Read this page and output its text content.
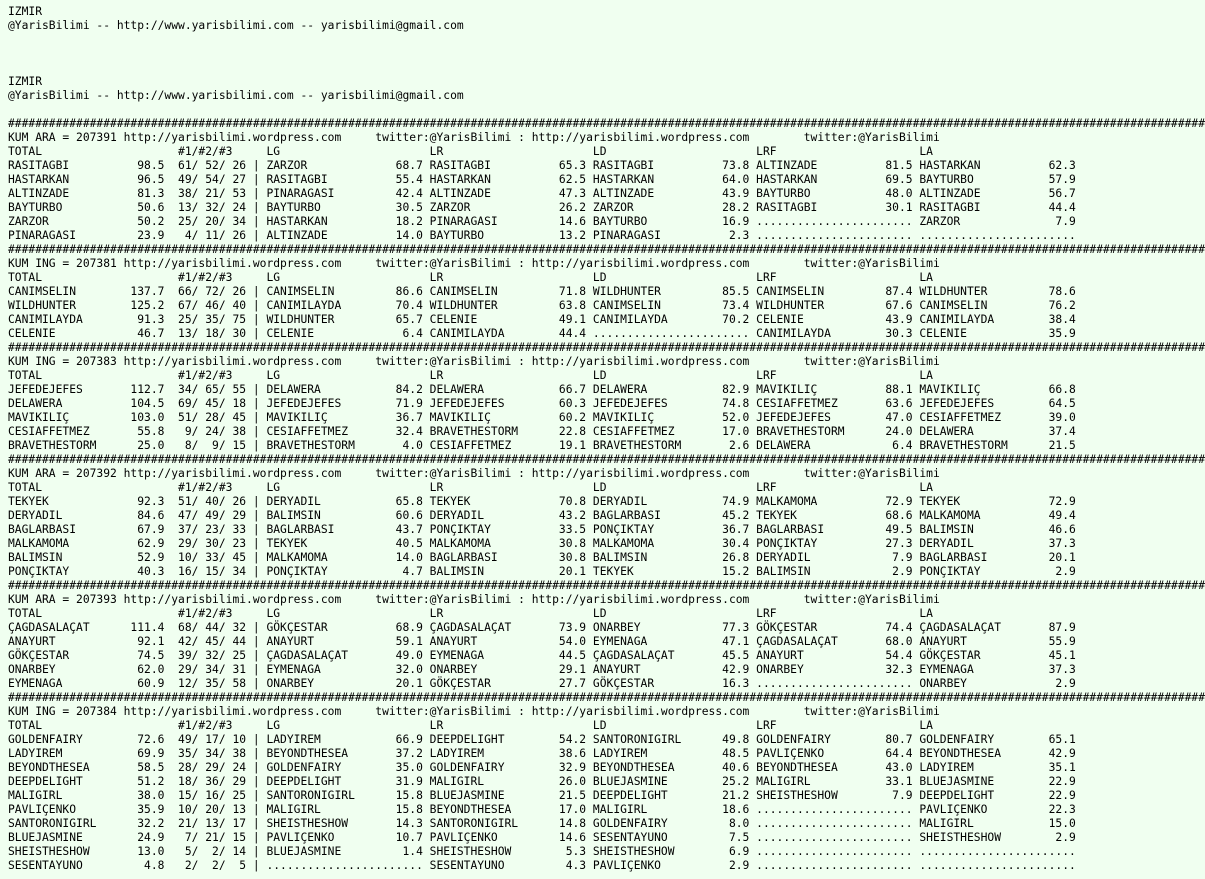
IZMIR
@YarisBilimi -- http://www.yarisbilimi.com -- yarisbilimi@gmail.com
IZMIR
@YarisBilimi -- http://www.yarisbilimi.com -- yarisbilimi@gmail.com
################################################################################################################################################################################
KUM ARA = 207391 http://yarisbilimi.wordpress.com     twitter:@YarisBilimi : http://yarisbilimi.wordpress.com        twitter:@YarisBilimi
TOTAL                    #1/#2/#3     LG                      LR                      LD                      LRF                     LA
RASITAGBI          98.5  61/ 52/ 26 | ZARZOR             68.7 RASITAGBI          65.3 RASITAGBI          73.8 ALTINZADE          81.5 HASTARKAN          62.3
HASTARKAN          96.5  49/ 54/ 27 | RASITAGBI          55.4 HASTARKAN          62.5 HASTARKAN          64.0 HASTARKAN          69.5 BAYTURBO           57.9
ALTINZADE          81.3  38/ 21/ 53 | PINARAGASI         42.4 ALTINZADE          47.3 ALTINZADE          43.9 BAYTURBO           48.0 ALTINZADE          56.7
BAYTURBO           50.6  13/ 32/ 24 | BAYTURBO           30.5 ZARZOR             26.2 ZARZOR             28.2 RASITAGBI          30.1 RASITAGBI          44.4
ZARZOR             50.2  25/ 20/ 34 | HASTARKAN          18.2 PINARAGASI         14.6 BAYTURBO           16.9 ....................... ZARZOR              7.9
PINARAGASI         23.9   4/ 11/ 26 | ALTINZADE          14.0 BAYTURBO           13.2 PINARAGASI          2.3 ....................... .......................
################################################################################################################################################################################
KUM ING = 207381 http://yarisbilimi.wordpress.com     twitter:@YarisBilimi : http://yarisbilimi.wordpress.com        twitter:@YarisBilimi
TOTAL                    #1/#2/#3     LG                      LR                      LD                      LRF                     LA
CANIMSELIN        137.7  66/ 72/ 26 | CANIMSELIN         86.6 CANIMSELIN         71.8 WILDHUNTER         85.5 CANIMSELIN         87.4 WILDHUNTER         78.6
WILDHUNTER        125.2  67/ 46/ 40 | CANIMILAYDA        70.4 WILDHUNTER         63.8 CANIMSELIN         73.4 WILDHUNTER         67.6 CANIMSELIN         76.2
CANIMILAYDA        91.3  25/ 35/ 75 | WILDHUNTER         65.7 CELENIE            49.1 CANIMILAYDA        70.2 CELENIE            43.9 CANIMILAYDA        38.4
CELENIE            46.7  13/ 18/ 30 | CELENIE             6.4 CANIMILAYDA        44.4 ....................... CANIMILAYDA        30.3 CELENIE            35.9
################################################################################################################################################################################
KUM ING = 207383 http://yarisbilimi.wordpress.com     twitter:@YarisBilimi : http://yarisbilimi.wordpress.com        twitter:@YarisBilimi
TOTAL                    #1/#2/#3     LG                      LR                      LD                      LRF                     LA
JEFEDEJEFES       112.7  34/ 65/ 55 | DELAWERA           84.2 DELAWERA           66.7 DELAWERA           82.9 MAVIKILIÇ          88.1 MAVIKILIÇ          66.8
DELAWERA          104.5  69/ 45/ 18 | JEFEDEJEFES        71.9 JEFEDEJEFES        60.3 JEFEDEJEFES        74.8 CESIAFFETMEZ       63.6 JEFEDEJEFES        64.5
MAVIKILIÇ         103.0  51/ 28/ 45 | MAVIKILIÇ          36.7 MAVIKILIÇ          60.2 MAVIKILIÇ          52.0 JEFEDEJEFES        47.0 CESIAFFETMEZ       39.0
CESIAFFETMEZ       55.8   9/ 24/ 38 | CESIAFFETMEZ       32.4 BRAVETHESTORM      22.8 CESIAFFETMEZ       17.0 BRAVETHESTORM      24.0 DELAWERA           37.4
BRAVETHESTORM      25.0   8/  9/ 15 | BRAVETHESTORM       4.0 CESIAFFETMEZ       19.1 BRAVETHESTORM       2.6 DELAWERA            6.4 BRAVETHESTORM      21.5
################################################################################################################################################################################
KUM ARA = 207392 http://yarisbilimi.wordpress.com     twitter:@YarisBilimi : http://yarisbilimi.wordpress.com        twitter:@YarisBilimi
TOTAL                    #1/#2/#3     LG                      LR                      LD                      LRF                     LA
TEKYEK             92.3  51/ 40/ 26 | DERYADIL           65.8 TEKYEK             70.8 DERYADIL           74.9 MALKAMOMA          72.9 TEKYEK             72.9
DERYADIL           84.6  47/ 49/ 29 | BALIMSIN           60.6 DERYADIL           43.2 BAGLARBASI         45.2 TEKYEK             68.6 MALKAMOMA          49.4
BAGLARBASI         67.9  37/ 23/ 33 | BAGLARBASI         43.7 PONÇIKTAY          33.5 PONÇIKTAY          36.7 BAGLARBASI         49.5 BALIMSIN           46.6
MALKAMOMA          62.9  29/ 30/ 23 | TEKYEK             40.5 MALKAMOMA          30.8 MALKAMOMA          30.4 PONÇIKTAY          27.3 DERYADIL           37.3
BALIMSIN           52.9  10/ 33/ 45 | MALKAMOMA          14.0 BAGLARBASI         30.8 BALIMSIN           26.8 DERYADIL            7.9 BAGLARBASI         20.1
PONÇIKTAY          40.3  16/ 15/ 34 | PONÇIKTAY           4.7 BALIMSIN           20.1 TEKYEK             15.2 BALIMSIN            2.9 PONÇIKTAY           2.9
################################################################################################################################################################################
KUM ARA = 207393 http://yarisbilimi.wordpress.com     twitter:@YarisBilimi : http://yarisbilimi.wordpress.com        twitter:@YarisBilimi
TOTAL                    #1/#2/#3     LG                      LR                      LD                      LRF                     LA
ÇAGDASALAÇAT      111.4  68/ 44/ 32 | GÖKÇESTAR          68.9 ÇAGDASALAÇAT       73.9 ONARBEY            77.3 GÖKÇESTAR          74.4 ÇAGDASALAÇAT       87.9
ANAYURT            92.1  42/ 45/ 44 | ANAYURT            59.1 ANAYURT            54.0 EYMENAGA           47.1 ÇAGDASALAÇAT       68.0 ANAYURT            55.9
GÖKÇESTAR          74.5  39/ 32/ 25 | ÇAGDASALAÇAT       49.0 EYMENAGA           44.5 ÇAGDASALAÇAT       45.5 ANAYURT            54.4 GÖKÇESTAR          45.1
ONARBEY            62.0  29/ 34/ 31 | EYMENAGA           32.0 ONARBEY            29.1 ANAYURT            42.9 ONARBEY            32.3 EYMENAGA           37.3
EYMENAGA           60.9  12/ 35/ 58 | ONARBEY            20.1 GÖKÇESTAR          27.7 GÖKÇESTAR          16.3 ....................... ONARBEY             2.9
################################################################################################################################################################################
KUM ING = 207384 http://yarisbilimi.wordpress.com     twitter:@YarisBilimi : http://yarisbilimi.wordpress.com        twitter:@YarisBilimi
TOTAL                    #1/#2/#3     LG                      LR                      LD                      LRF                     LA
GOLDENFAIRY        72.6  49/ 17/ 10 | LADYIREM           66.9 DEEPDELIGHT        54.2 SANTORONIGIRL      49.8 GOLDENFAIRY        80.7 GOLDENFAIRY        65.1
LADYIREM           69.9  35/ 34/ 38 | BEYONDTHESEA       37.2 LADYIREM           38.6 LADYIREM           48.5 PAVLIÇENKO         64.4 BEYONDTHESEA       42.9
BEYONDTHESEA       58.5  28/ 29/ 24 | GOLDENFAIRY        35.0 GOLDENFAIRY        32.9 BEYONDTHESEA       40.6 BEYONDTHESEA       43.0 LADYIREM           35.1
DEEPDELIGHT        51.2  18/ 36/ 29 | DEEPDELIGHT        31.9 MALIGIRL           26.0 BLUEJASMINE        25.2 MALIGIRL           33.1 BLUEJASMINE        22.9
MALIGIRL           38.0  15/ 16/ 25 | SANTORONIGIRL      15.8 BLUEJASMINE        21.5 DEEPDELIGHT        21.2 SHEISTHESHOW        7.9 DEEPDELIGHT        22.9
PAVLIÇENKO         35.9  10/ 20/ 13 | MALIGIRL           15.8 BEYONDTHESEA       17.0 MALIGIRL           18.6 ....................... PAVLIÇENKO         22.3
SANTORONIGIRL      32.2  21/ 13/ 17 | SHEISTHESHOW       14.3 SANTORONIGIRL      14.8 GOLDENFAIRY         8.0 ....................... MALIGIRL           15.0
BLUEJASMINE        24.9   7/ 21/ 15 | PAVLIÇENKO         10.7 PAVLIÇENKO         14.6 SESENTAYUNO         7.5 ....................... SHEISTHESHOW        2.9
SHEISTHESHOW       13.0   5/  2/ 14 | BLUEJASMINE         1.4 SHEISTHESHOW        5.3 SHEISTHESHOW        6.9 ....................... .......................
SESENTAYUNO         4.8   2/  2/  5 | ....................... SESENTAYUNO         4.3 PAVLIÇENKO          2.9 ....................... .......................
